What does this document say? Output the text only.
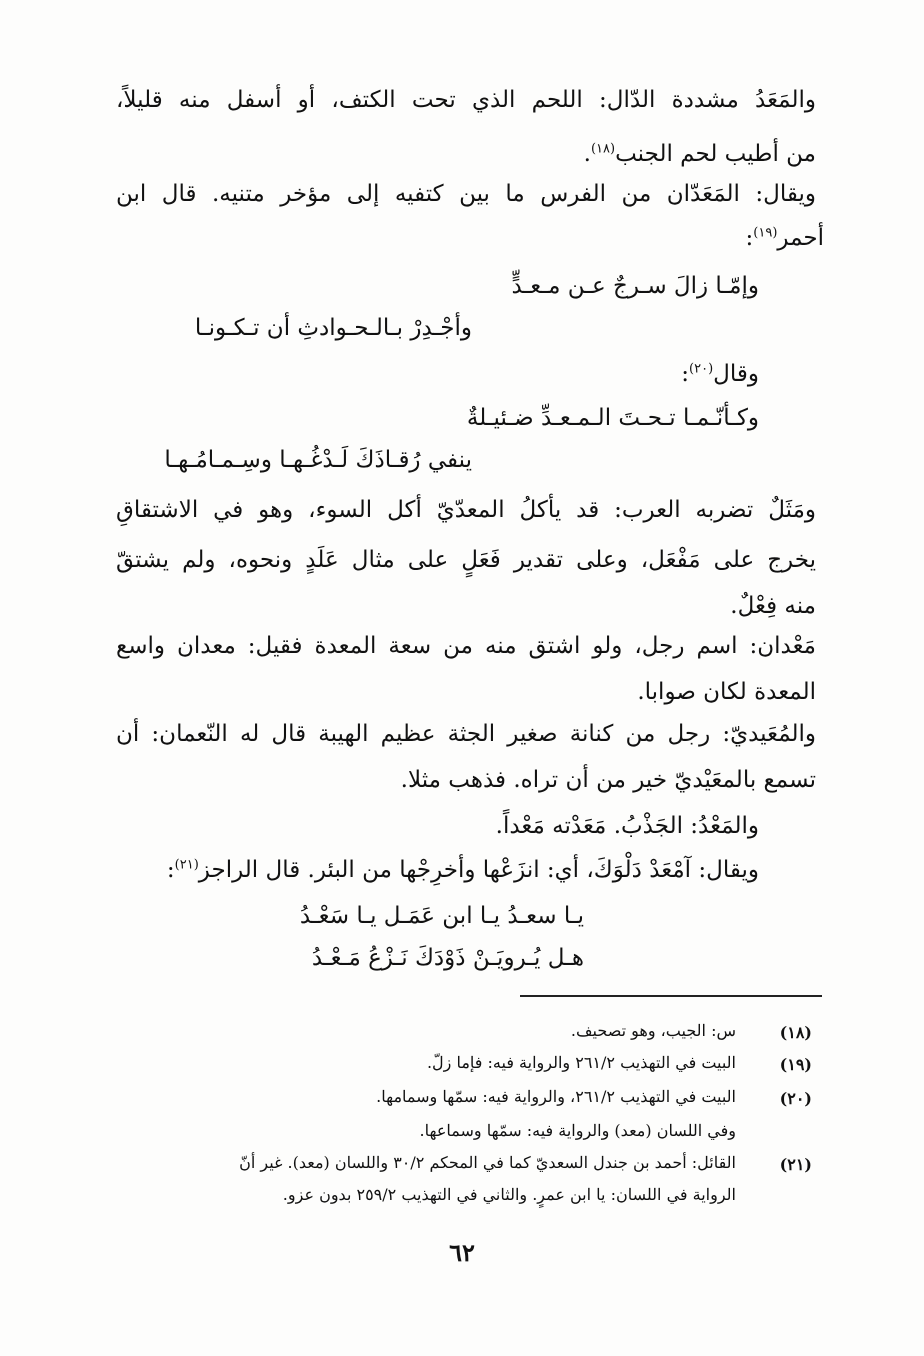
والمَعَدُ مشددة الدّال: اللحم الذي تحت الكتف، أو أسفل منه قليلاً،
من أطيب لحم الجنب$^{(١٨)}$.
ويقال: المَعَدّان من الفرس ما بين كتفيه إلى مؤخر متنيه. قال ابن
أحمر$^{(١٩)}$:
وإمّـا زالَ سـرجٌ عـن مـعـدٍّ
وأجْـدِرْ بـالـحـوادثِ أن تـكـونـا
وقال$^{(٢٠)}$:
وكـأنّـمـا تـحـتَ الـمـعـدِّ ضـئيـلةٌ
ينفي رُقـاذَكَ لَـدْغُـهـا وسِـمـامُـهـا
ومَثَلٌ تضربه العرب: قد يأكلُ المعدّيّ أكل السوء، وهو في الاشتقاقِ
يخرج على مَفْعَل، وعلى تقدير فَعَلٍ على مثال عَلَدٍ ونحوه، ولم يشتقّ
منه فِعْلٌ.
مَعْدان: اسم رجل، ولو اشتق منه من سعة المعدة فقيل: معدان واسع
المعدة لكان صوابا.
والمُعَيديّ: رجل من كنانة صغير الجثة عظيم الهيبة قال له النّعمان: أن
تسمع بالمعَيْديّ خير من أن تراه. فذهب مثلا.
والمَعْدُ: الجَذْبُ. مَعَدْته مَعْداً.
ويقال: آمْعَدْ دَلْوَكَ، أي: انزَعْها وأخرِجْها من البئر. قال الراجز$^{(٢١)}$:
يـا سعـدُ يـا ابن عَمَـل يـا سَعْـدُ
هـل يُـرويَـنْ ذَوْدَكَ نَـزْعُ مَـعْـدُ
(١٨)
س: الجيب، وهو تصحيف.
(١٩)
البيت في التهذيب ٢٦١/٢ والرواية فيه: فإما زلّ.
(٢٠)
البيت في التهذيب ٢٦١/٢، والرواية فيه: سمّها وسمامها.
وفي اللسان (معد) والرواية فيه: سمّها وسماعها.
(٢١)
القائل: أحمد بن جندل السعديّ كما في المحكم ٣٠/٢ واللسان (معد). غير أنّ
الرواية في اللسان: يا ابن عمرٍ. والثاني في التهذيب ٢٥٩/٢ بدون عزو.
٦٢
